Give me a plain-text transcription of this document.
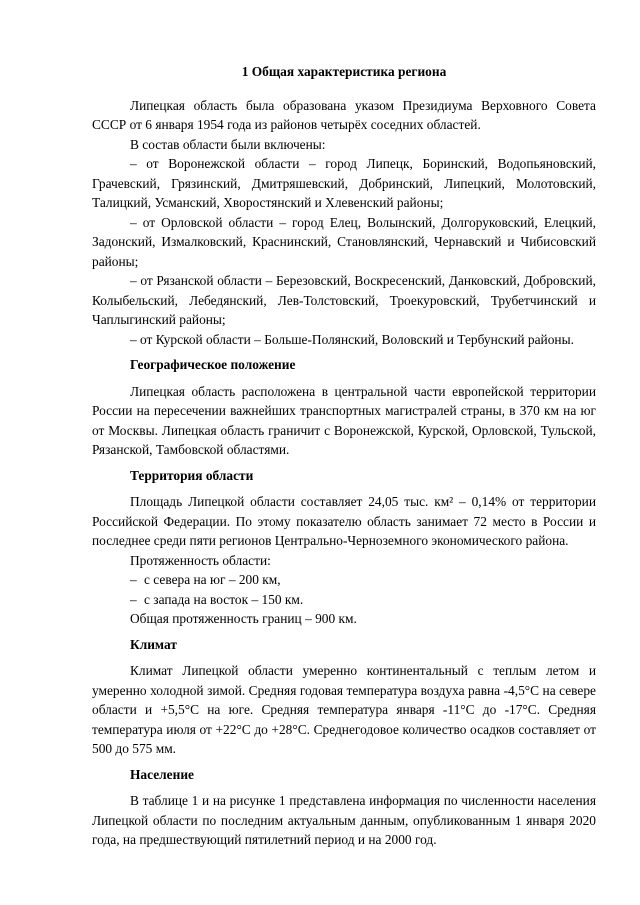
1 Общая характеристика региона

Липецкая область была образована указом Президиума Верховного Совета СССР от 6 января 1954 года из районов четырёх соседних областей.

В состав области были включены:

– от Воронежской области – город Липецк, Боринский, Водопьяновский, Грачевский, Грязинский, Дмитряшевский, Добринский, Липецкий, Молотовский, Талицкий, Усманский, Хворостянский и Хлевенский районы;

– от Орловской области – город Елец, Волынский, Долгоруковский, Елецкий, Задонский, Измалковский, Краснинский, Становлянский, Чернавский и Чибисовский районы;

– от Рязанской области – Березовский, Воскресенский, Данковский, Добровский, Колыбельский, Лебедянский, Лев-Толстовский, Троекуровский, Трубетчинский и Чаплыгинский районы;

– от Курской области – Больше-Полянский, Воловский и Тербунский районы.

Географическое положение

Липецкая область расположена в центральной части европейской территории России на пересечении важнейших транспортных магистралей страны, в 370 км на юг от Москвы. Липецкая область граничит с Воронежской, Курской, Орловской, Тульской, Рязанской, Тамбовской областями.

Территория области

Площадь Липецкой области составляет 24,05 тыс. км² – 0,14% от территории Российской Федерации. По этому показателю область занимает 72 место в России и последнее среди пяти регионов Центрально-Черноземного экономического района.

Протяженность области:

– с севера на юг – 200 км,

– с запада на восток – 150 км.

Общая протяженность границ – 900 км.

Климат

Климат Липецкой области умеренно континентальный с теплым летом и умеренно холодной зимой. Средняя годовая температура воздуха равна -4,5°С на севере области и +5,5°С на юге. Средняя температура января -11°С до -17°С. Средняя температура июля от +22°С до +28°С. Среднегодовое количество осадков составляет от 500 до 575 мм.

Население

В таблице 1 и на рисунке 1 представлена информация по численности населения Липецкой области по последним актуальным данным, опубликованным 1 января 2020 года, на предшествующий пятилетний период и на 2000 год.
